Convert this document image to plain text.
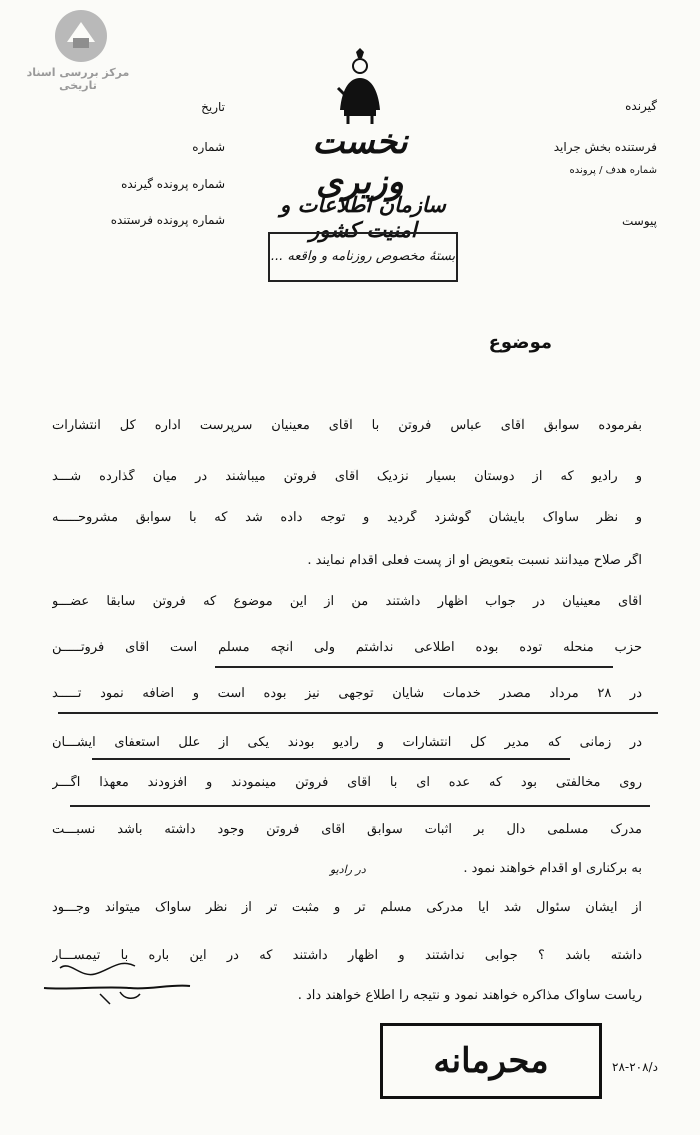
مرکز بررسی اسناد تاریخی
نخست وزیری
سازمان اطلاعات و امنیت کشور
بستهٔ مخصوص روزنامه و واقعه ...
تاریخ
شماره
شماره پرونده گیرنده
شماره پرونده فرستنده
گیرنده
فرستنده بخش جراید
شماره هدف / پرونده
پیوست
موضوع
بفرموده سوابق آقای عباس فروتن با آقای معینیان سرپرست اداره کل انتشارات
و رادیو که از دوستان بسیار نزدیک آقای فروتن میباشند در میان گذارده شـــد
و نظر ساواک بایشان گوشزد گردید و توجه داده شد که با سوابق مشروحـــــه
اگر صلاح میدانند نسبت بتعویض او از پست فعلی اقدام نمایند .
آقای معینیان در جواب اظهار داشتند من از این موضوع که فروتن سابقا عضـــو
حزب منحله توده بوده اطلاعی نداشتم ولی آنچه مسلم است آقای فروتـــــن
در ۲۸ مرداد مصدر خدمات شایان توجهی نیز بوده است و اضافه نمود تـــــد
در زمانی که مدیر کل انتشارات و رادیو بودند یکی از علل استعفای ایشـــان
روی مخالفتی بود که عده ای با آقای فروتن مینمودند و افزودند معهذا اگـــر
مدرک مسلمی دال بر اثبات سوابق آقای فروتن وجود داشته باشد نسبـــت
به برکناری او اقدام خواهند نمود .
از ایشان سئوال شد آیا مدرکی مسلم تر و مثبت تر از نظر ساواک میتواند وجـــود
داشته باشد ؟ جوابی نداشتند و اظهار داشتند که در این باره با تیمســـار
ریاست ساواک مذاکره خواهند نمود و نتیجه را اطلاع خواهند داد .
در رادیو
محرمانه	۲۸-۲۰۸/د
